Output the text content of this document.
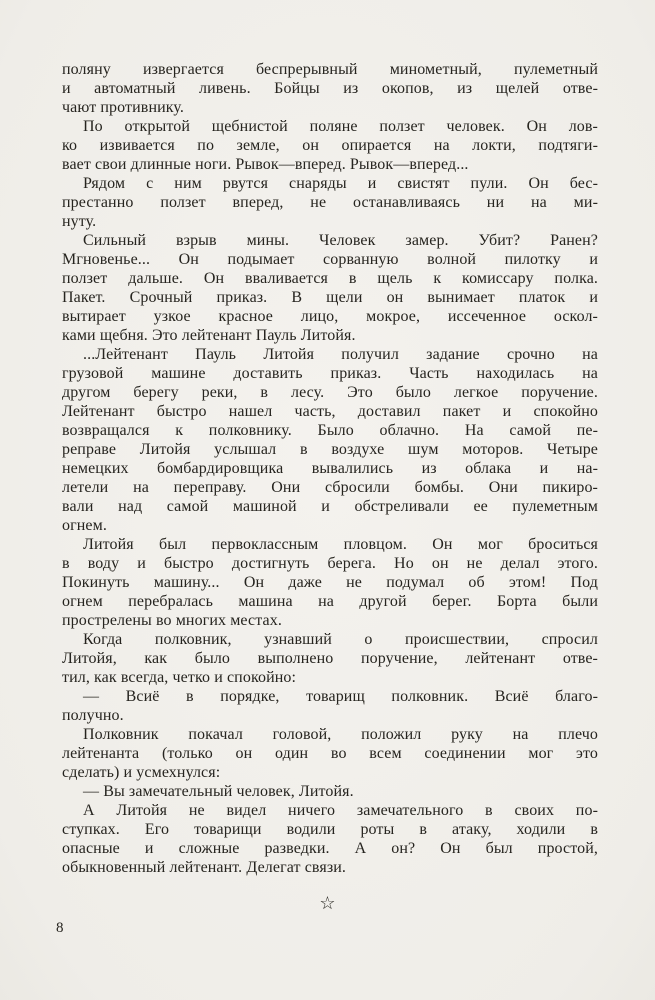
поляну извергается беспрерывный минометный, пулеметный
и автоматный ливень. Бойцы из окопов, из щелей отве-
чают противнику.

По открытой щебнистой поляне ползет человек. Он лов-
ко извивается по земле, он опирается на локти, подтяги-
вает свои длинные ноги. Рывок—вперед. Рывок—вперед...

Рядом с ним рвутся снаряды и свистят пули. Он бес-
престанно ползет вперед, не останавливаясь ни на ми-
нуту.

Сильный взрыв мины. Человек замер. Убит? Ранен?
Мгновенье... Он подымает сорванную волной пилотку и
ползет дальше. Он вваливается в щель к комиссару полка.
Пакет. Срочный приказ. В щели он вынимает платок и
вытирает узкое красное лицо, мокрое, иссеченное оскол-
ками щебня. Это лейтенант Пауль Литойя.

...Лейтенант Пауль Литойя получил задание срочно на
грузовой машине доставить приказ. Часть находилась на
другом берегу реки, в лесу. Это было легкое поручение.
Лейтенант быстро нашел часть, доставил пакет и спокойно
возвращался к полковнику. Было облачно. На самой пе-
реправе Литойя услышал в воздухе шум моторов. Четыре
немецких бомбардировщика вывалились из облака и на-
летели на переправу. Они сбросили бомбы. Они пикиро-
вали над самой машиной и обстреливали ее пулеметным
огнем.

Литойя был первоклассным пловцом. Он мог броситься
в воду и быстро достигнуть берега. Но он не делал этого.
Покинуть машину... Он даже не подумал об этом! Под
огнем перебралась машина на другой берег. Борта были
прострелены во многих местах.

Когда полковник, узнавший о происшествии, спросил
Литойя, как было выполнено поручение, лейтенант отве-
тил, как всегда, четко и спокойно:

— Всиё в порядке, товарищ полковник. Всиё благо-
получно.

Полковник покачал головой, положил руку на плечо
лейтенанта (только он один во всем соединении мог это
сделать) и усмехнулся:

— Вы замечательный человек, Литойя.

А Литойя не видел ничего замечательного в своих по-
ступках. Его товарищи водили роты в атаку, ходили в
опасные и сложные разведки. А он? Он был простой,
обыкновенный лейтенант. Делегат связи.

☆
8
